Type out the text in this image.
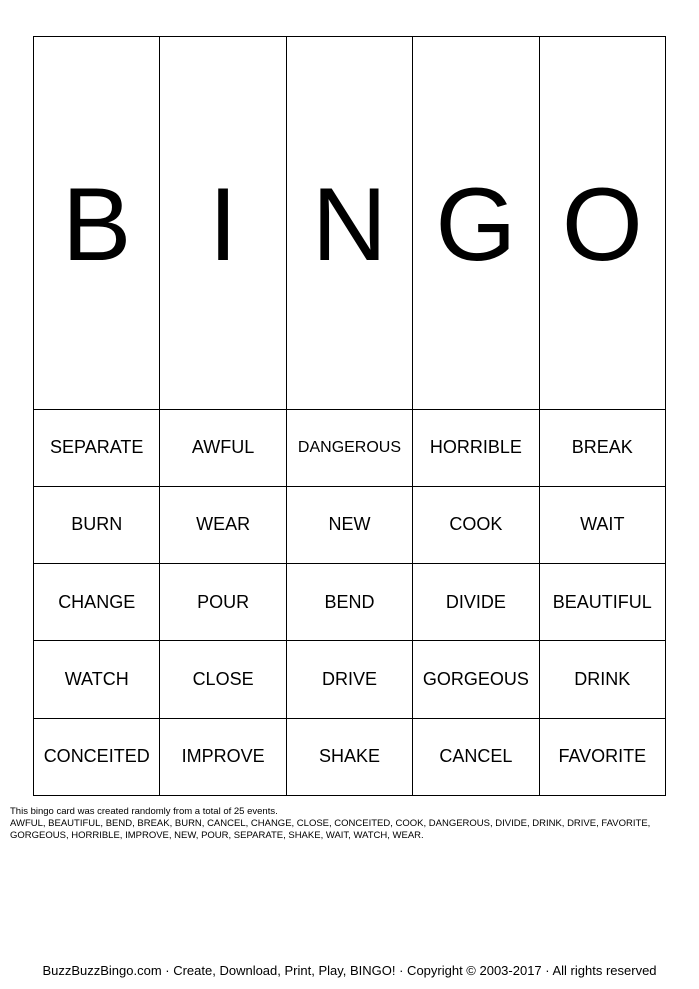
B	I	N	G	O
SEPARATE	AWFUL	DANGEROUS	HORRIBLE	BREAK
BURN	WEAR	NEW	COOK	WAIT
CHANGE	POUR	BEND	DIVIDE	BEAUTIFUL
WATCH	CLOSE	DRIVE	GORGEOUS	DRINK
CONCEITED	IMPROVE	SHAKE	CANCEL	FAVORITE
This bingo card was created randomly from a total of 25 events.
AWFUL, BEAUTIFUL, BEND, BREAK, BURN, CANCEL, CHANGE, CLOSE, CONCEITED, COOK, DANGEROUS, DIVIDE, DRINK, DRIVE, FAVORITE,
GORGEOUS, HORRIBLE, IMPROVE, NEW, POUR, SEPARATE, SHAKE, WAIT, WATCH, WEAR.
BuzzBuzzBingo.com · Create, Download, Print, Play, BINGO! · Copyright © 2003-2017 · All rights reserved
